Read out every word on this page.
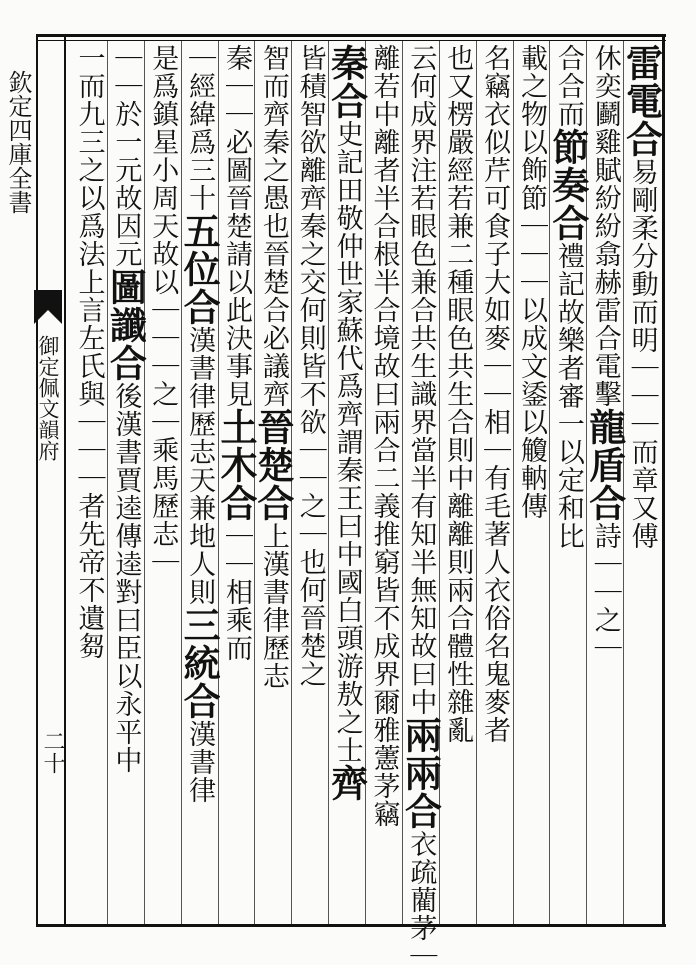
欽定四庫全書
御定佩文韻府
二十
雷電合易剛柔分動而明｜｜｜而章又傅
休奕鬬雞賦紛紛翕赫雷合電擊龍盾合詩｜｜之｜
合合而節奏合禮記故樂者審一以定和比
載之物以飾節｜｜｜以成文鋈以觼軜傳
名竊衣似芹可食子大如麥｜｜相｜有毛著人衣俗名鬼麥者
也又楞嚴經若兼二種眼色共生合則中離離則兩合體性雜亂
云何成界注若眼色兼合共生識界當半有知半無知故曰中兩兩合衣疏藺茅｜
離若中離者半合根半合境故曰兩合二義推窮皆不成界爾雅藼茅竊
秦合史記田敬仲世家蘇代爲齊謂秦王曰中國白頭游敖之士齊
皆積智欲離齊秦之交何則皆不欲｜｜之｜也何晉楚之
智而齊秦之愚也晉楚合必議齊晉楚合上漢書律歷志
秦｜｜必圖晉楚請以此決事見土木合｜｜相乘而
｜經緯爲三十五位合漢書律歷志天兼地人則三統合漢書律
是爲鎮星小周天故以｜｜｜之｜乘馬歷志｜
｜｜於一元故因元圖讖合後漢書賈逵傳逵對曰臣以永平中
一而九三之以爲法上言左氏與｜｜｜者先帝不遺芻
